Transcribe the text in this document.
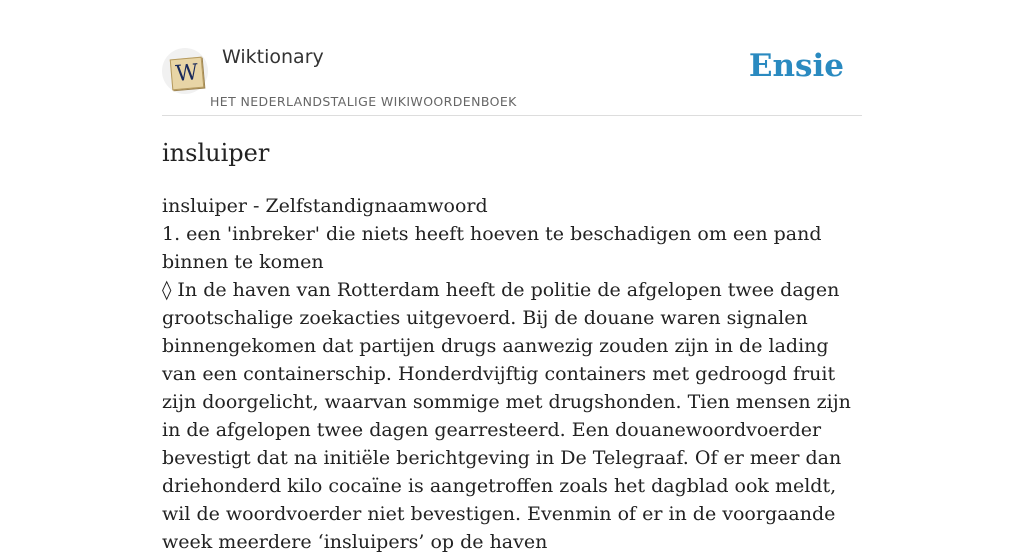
W
Wiktionary
HET NEDERLANDSTALIGE WIKIWOORDENBOEK
Ensie
insluiper

insluiper - Zelfstandignaamwoord

1. een 'inbreker' die niets heeft hoeven te beschadigen om een pand binnen te komen

◊ In de haven van Rotterdam heeft de politie de afgelopen twee dagen grootschalige zoekacties uitgevoerd. Bij de douane waren signalen binnengekomen dat partijen drugs aanwezig zouden zijn in de lading van een containerschip. Honderdvijftig containers met gedroogd fruit zijn doorgelicht, waarvan sommige met drugshonden. Tien mensen zijn in de afgelopen twee dagen gearresteerd. Een douanewoordvoerder bevestigt dat na initiële berichtgeving in De Telegraaf. Of er meer dan driehonderd kilo cocaïne is aangetroffen zoals het dagblad ook meldt, wil de woordvoerder niet bevestigen. Evenmin of er in de voorgaande week meerdere ‘insluipers’ op de haven
